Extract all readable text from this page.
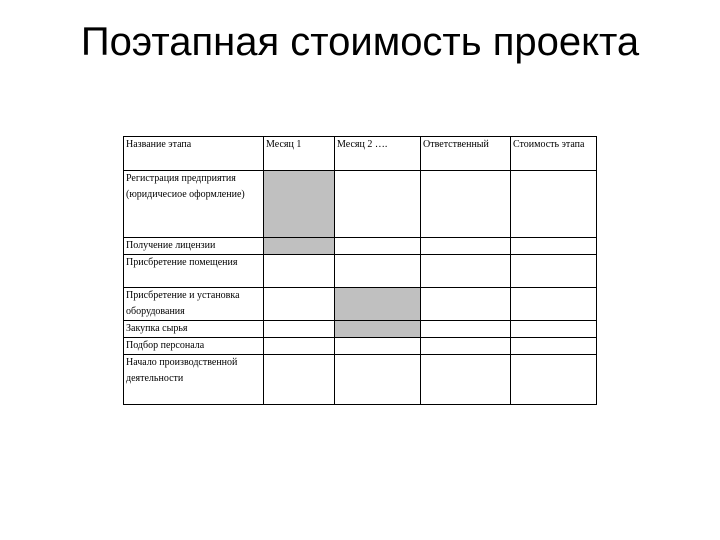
Поэтапная стоимость проекта
Название этапа	Месяц 1	Месяц 2 ….	Ответственный	Стоимость этапа
Регистрация предприятия (юридичесиое оформление)				
Получение лицензии				
Присбретение помещения				
Присбретение и установка оборудования				
Закупка сырья				
Подбор персонала				
Начало производственной деятельности				
